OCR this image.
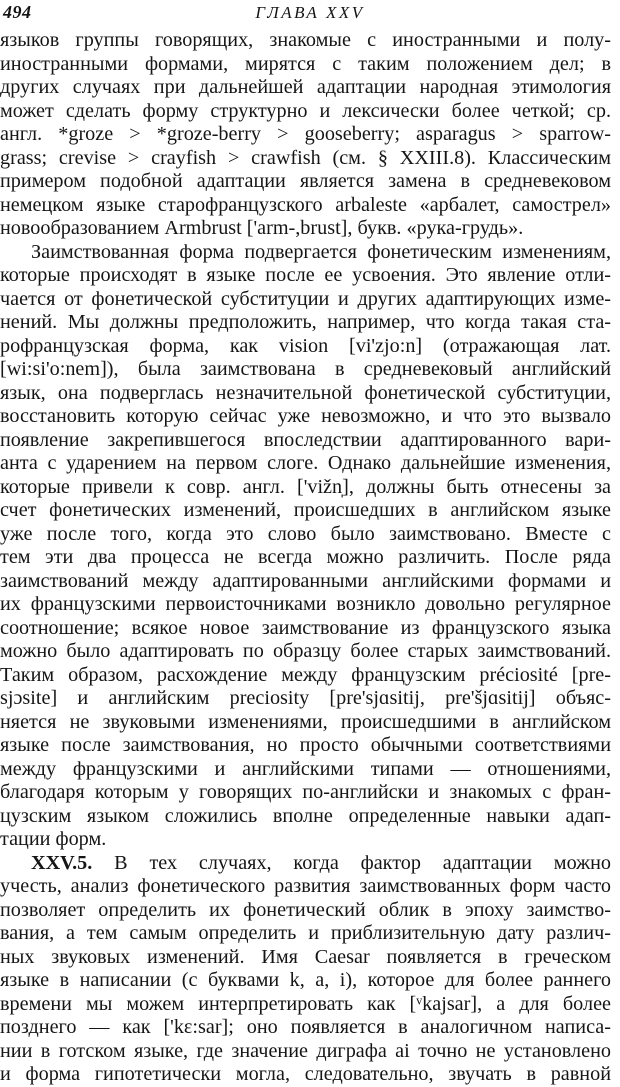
494	ГЛАВА XXV
языков группы говорящих, знакомые с иностранными и полу-
иностранными формами, мирятся с таким положением дел; в
других случаях при дальнейшей адаптации народная этимология
может сделать форму структурно и лексически более четкой; ср.
англ. *groze > *groze-berry > gooseberry; asparagus > sparrow-
grass; crevise > crayfish > crawfish (см. § XXIII.8). Классическим
примером подобной адаптации является замена в средневековом
немецком языке старофранцузского arbaleste «арбалет, самострел»
новообразованием Armbrust ['arm-,brust], букв. «рука-грудь».
Заимствованная форма подвергается фонетическим изменениям,
которые происходят в языке после ее усвоения. Это явление отли-
чается от фонетической субституции и других адаптирующих изме-
нений. Мы должны предположить, например, что когда такая ста-
рофранцузская форма, как vision [vi'zjo:n] (отражающая лат.
[wi:si'o:nem]), была заимствована в средневековый английский
язык, она подверглась незначительной фонетической субституции,
восстановить которую сейчас уже невозможно, и что это вызвало
появление закрепившегося впоследствии адаптированного вари-
анта с ударением на первом слоге. Однако дальнейшие изменения,
которые привели к совр. англ. ['vižn̩], должны быть отнесены за
счет фонетических изменений, происшедших в английском языке
уже после того, когда это слово было заимствовано. Вместе с
тем эти два процесса не всегда можно различить. После ряда
заимствований между адаптированными английскими формами и
их французскими первоисточниками возникло довольно регулярное
соотношение; всякое новое заимствование из французского языка
можно было адаптировать по образцу более старых заимствований.
Таким образом, расхождение между французским préciosité [pre-
sjɔsite] и английским preciosity [pre'sjɑsitij, pre'šjɑsitij] объяс-
няется не звуковыми изменениями, происшедшими в английском
языке после заимствования, но просто обычными соответствиями
между французскими и английскими типами — отношениями,
благодаря которым у говорящих по-английски и знакомых с фран-
цузским языком сложились вполне определенные навыки адап-
тации форм.
XXV.5. В тех случаях, когда фактор адаптации можно
учесть, анализ фонетического развития заимствованных форм часто
позволяет определить их фонетический облик в эпоху заимство-
вания, а тем самым определить и приблизительную дату различ-
ных звуковых изменений. Имя Caesar появляется в греческом
языке в написании (с буквами k, a, i), которое для более раннего
времени мы можем интерпретировать как [ᵛkajsar], а для более
позднего — как ['kɛ:sar]; оно появляется в аналогичном написа-
нии в готском языке, где значение диграфа ai точно не установлено
и форма гипотетически могла, следовательно, звучать в равной
